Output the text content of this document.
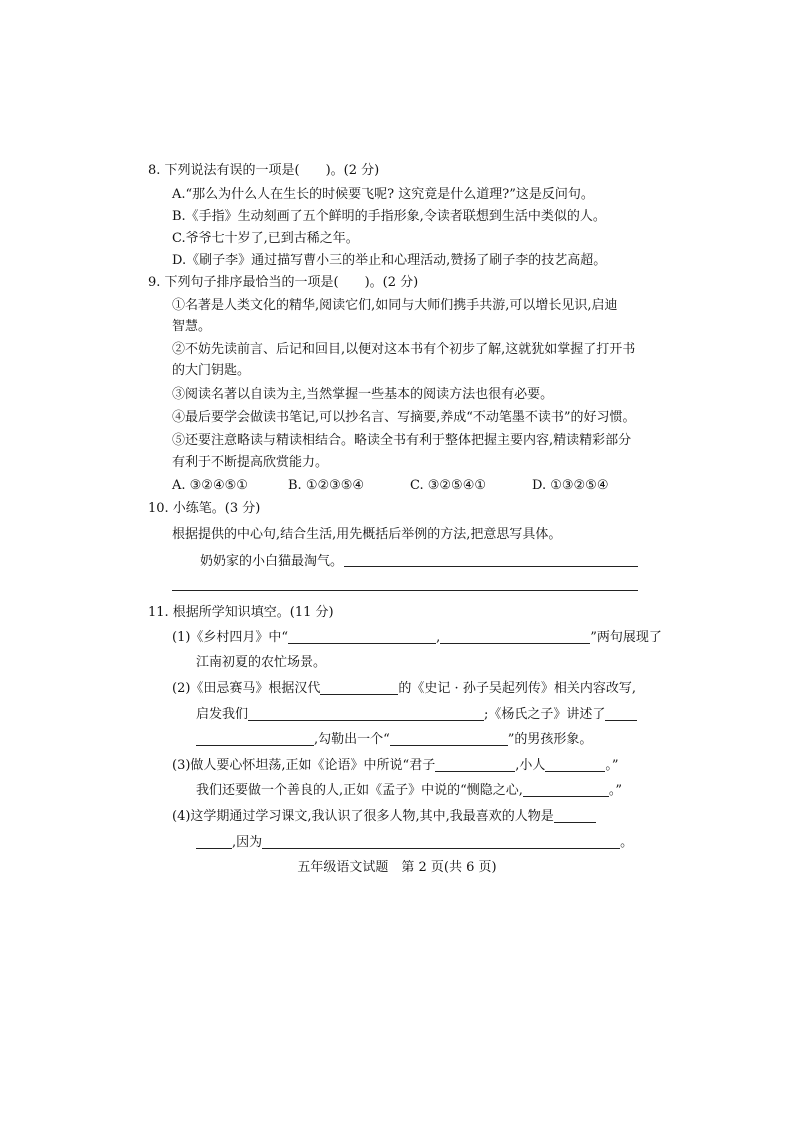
8. 下列说法有误的一项是(　　)。(2 分)
A.“那么为什么人在生长的时候要飞呢? 这究竟是什么道理?”这是反问句。
B.《手指》生动刻画了五个鲜明的手指形象,令读者联想到生活中类似的人。
C.爷爷七十岁了,已到古稀之年。
D.《刷子李》通过描写曹小三的举止和心理活动,赞扬了刷子李的技艺高超。
9. 下列句子排序最恰当的一项是(　　)。(2 分)
①名著是人类文化的精华,阅读它们,如同与大师们携手共游,可以增长见识,启迪
智慧。
②不妨先读前言、后记和回目,以便对这本书有个初步了解,这就犹如掌握了打开书
的大门钥匙。
③阅读名著以自读为主,当然掌握一些基本的阅读方法也很有必要。
④最后要学会做读书笔记,可以抄名言、写摘要,养成“不动笔墨不读书”的好习惯。
⑤还要注意略读与精读相结合。略读全书有利于整体把握主要内容,精读精彩部分
有利于不断提高欣赏能力。
A. ③②④⑤①	B. ①②③⑤④	C. ③②⑤④①	D. ①③②⑤④
10. 小练笔。(3 分)
根据提供的中心句,结合生活,用先概括后举例的方法,把意思写具体。
奶奶家的小白猫最淘气。
11. 根据所学知识填空。(11 分)
(1)《乡村四月》中“	,	”两句展现了
江南初夏的农忙场景。
(2)《田忌赛马》根据汉代	的《史记 · 孙子吴起列传》相关内容改写,
启发我们	;《杨氏之子》讲述了
,勾勒出一个“	”的男孩形象。
(3)做人要心怀坦荡,正如《论语》中所说“君子	,小人	。”
我们还要做一个善良的人,正如《孟子》中说的“恻隐之心,	。”
(4)这学期通过学习课文,我认识了很多人物,其中,我最喜欢的人物是
,因为	。
五年级语文试题　第 2 页(共 6 页)
